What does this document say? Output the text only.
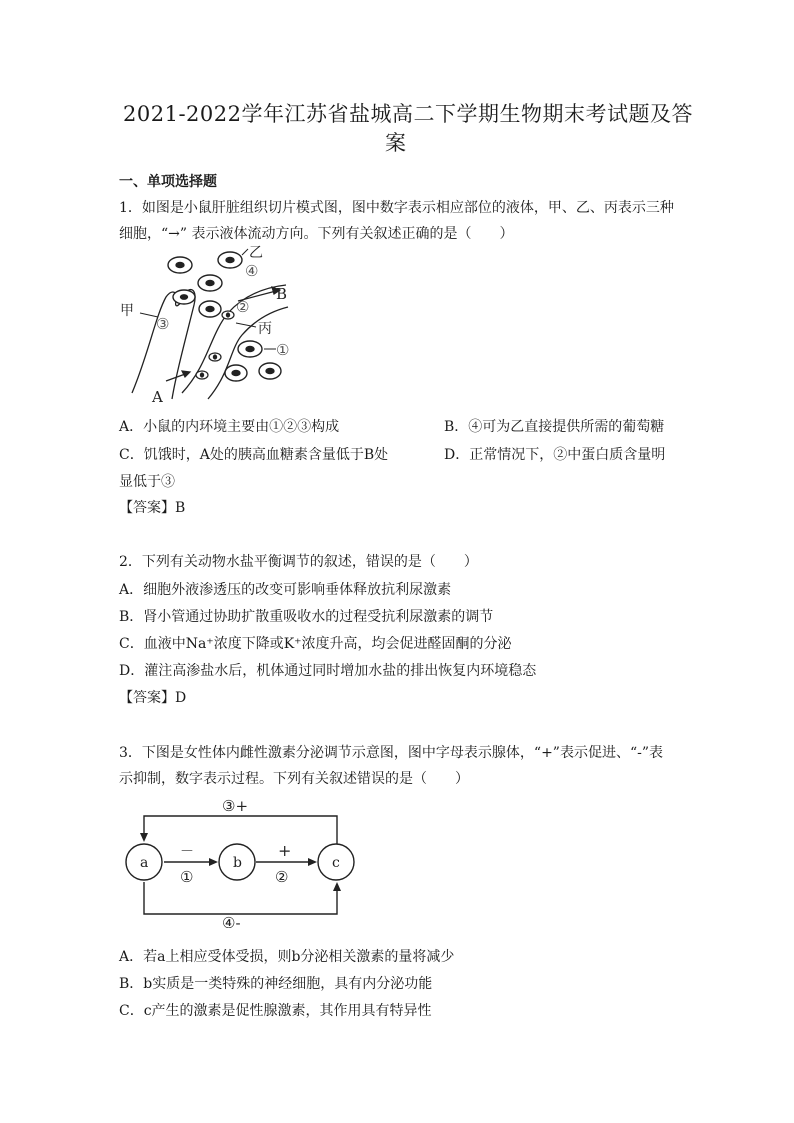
2021-2022学年江苏省盐城高二下学期生物期末考试题及答
案
一、单项选择题
1．如图是小鼠肝脏组织切片模式图，图中数字表示相应部位的液体，甲、乙、丙表示三种
细胞，“→” 表示液体流动方向。下列有关叙述正确的是（　　）
甲
乙
丙
A
B
①
②
③
④
A．小鼠的内环境主要由①②③构成	B．④可为乙直接提供所需的葡萄糖
C．饥饿时，A处的胰高血糖素含量低于B处	D．正常情况下，②中蛋白质含量明
显低于③
【答案】B
2．下列有关动物水盐平衡调节的叙述，错误的是（　　）
A．细胞外液渗透压的改变可影响垂体释放抗利尿激素
B．肾小管通过协助扩散重吸收水的过程受抗利尿激素的调节
C．血液中Na⁺浓度下降或K⁺浓度升高，均会促进醛固酮的分泌
D．灌注高渗盐水后，机体通过同时增加水盐的排出恢复内环境稳态
【答案】D
3．下图是女性体内雌性激素分泌调节示意图，图中字母表示腺体，“+”表示促进、“-”表
示抑制，数字表示过程。下列有关叙述错误的是（　　）
a	b	c
③+
④-
－	+
①	②
A．若a上相应受体受损，则b分泌相关激素的量将减少
B．b实质是一类特殊的神经细胞，具有内分泌功能
C．c产生的激素是促性腺激素，其作用具有特异性
